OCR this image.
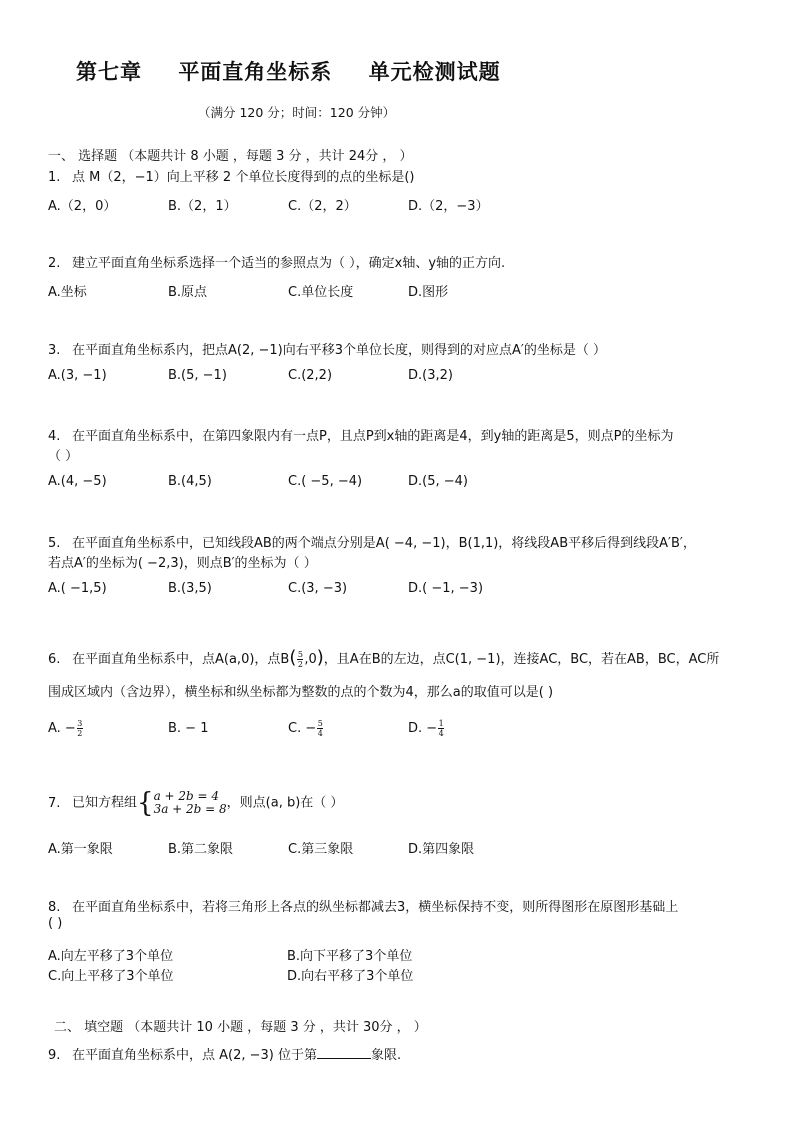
第七章 平面直角坐标系 单元检测试题
（满分 120 分；时间：120 分钟）
一、 选择题 （本题共计 8 小题 ，每题 3 分 ，共计 24分 ， ）
1. 点 M（2，−1）向上平移 2 个单位长度得到的点的坐标是()
A.（2，0）	B.（2，1）	C.（2，2）	D.（2，−3）
2. 建立平面直角坐标系选择一个适当的参照点为（ ），确定x轴、y轴的正方向.
A.坐标	B.原点	C.单位长度	D.图形
3. 在平面直角坐标系内，把点A(2, −1)向右平移3个单位长度，则得到的对应点A′的坐标是（ ）
A.(3, −1)	B.(5, −1)	C.(2,2)	D.(3,2)
4. 在平面直角坐标系中，在第四象限内有一点P，且点P到x轴的距离是4，到y轴的距离是5，则点P的坐标为
（ ）
A.(4, −5)	B.(4,5)	C.( −5, −4)	D.(5, −4)
5. 在平面直角坐标系中，已知线段AB的两个端点分别是A( −4, −1)，B(1,1)，将线段AB平移后得到线段A′B′，
若点A′的坐标为( −2,3)，则点B′的坐标为（ ）
A.( −1,5)	B.(3,5)	C.(3, −3)	D.( −1, −3)
6. 在平面直角坐标系中，点A(a,0)，点$B( \frac{5}{2} ,0)$，且A在B的左边，点C(1, −1)，连接AC，BC，若在AB，BC，AC所
围成区域内（含边界），横坐标和纵坐标都为整数的点的个数为4，那么a的取值可以是( )
A. − $\frac{3}{2}$	B. − 1	C. − $\frac{5}{4}$	D. − $\frac{1}{4}$
7. 已知方程组 { a + 2b = 4
3a + 2b = 8 ，则点(a, b)在（ ）
A.第一象限	B.第二象限	C.第三象限	D.第四象限
8. 在平面直角坐标系中，若将三角形上各点的纵坐标都减去3，横坐标保持不变，则所得图形在原图形基础上
( )
A.向左平移了3个单位	B.向下平移了3个单位
C.向上平移了3个单位	D.向右平移了3个单位
二、 填空题 （本题共计 10 小题 ，每题 3 分 ，共计 30分 ， ）
9. 在平面直角坐标系中，点 A(2, −3) 位于第	象限.
